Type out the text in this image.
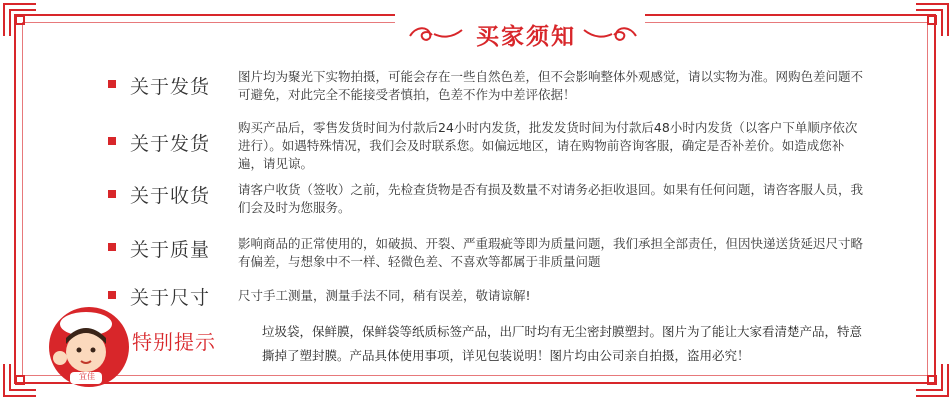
买家须知
关于发货 图片均为聚光下实物拍摄，可能会存在一些自然色差，但不会影响整体外观感觉，请以实物为准。网购色差问题不可避免，对此完全不能接受者慎拍，色差不作为中差评依据！
关于发货
购买产品后，零售发货时间为付款后24小时内发货，批发发货时间为付款后48小时内发货（以客户下单顺序依次进行）。如遇特殊情况，我们会及时联系您。如偏远地区，请在购物前咨询客服，确定是否补差价。如造成您补遍，请见谅。
关于收货 请客户收货（签收）之前，先检查货物是否有损及数量不对请务必拒收退回。如果有任何问题，请咨客服人员，我们会及时为您服务。
关于质量 影响商品的正常使用的，如破损、开裂、严重瑕疵等即为质量问题，我们承担全部责任，但因快递送货延迟尺寸略有偏差，与想象中不一样、轻微色差、不喜欢等都属于非质量问题
关于尺寸 尺寸手工测量，测量手法不同，稍有误差，敬请谅解!
宜佳
特别提示	垃圾袋，保鲜膜，保鲜袋等纸质标签产品，出厂时均有无尘密封膜塑封。图片为了能让大家看清楚产品，特意撕掉了塑封膜。产品具体使用事项，详见包装说明！图片均由公司亲自拍摄，盗用必究！
